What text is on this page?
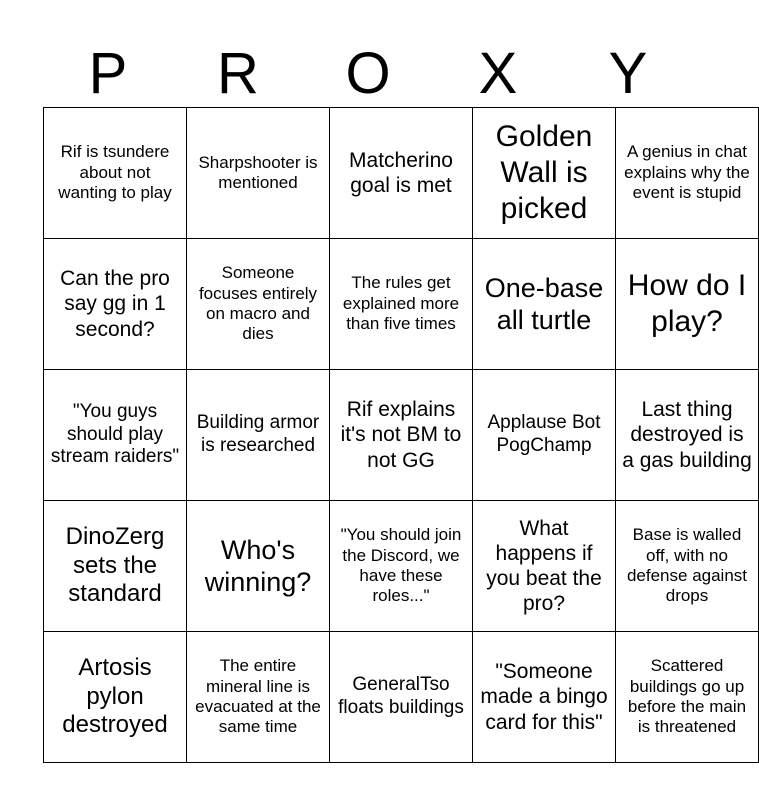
P	R	O	X	Y
Rif is tsundere about not wanting to play	Sharpshooter is mentioned	Matcherino goal is met	Golden Wall is picked	A genius in chat explains why the event is stupid
Can the pro say gg in 1 second?	Someone focuses entirely on macro and dies	The rules get explained more than five times	One-base all turtle	How do I play?
"You guys should play stream raiders"	Building armor is researched	Rif explains it's not BM to not GG	Applause Bot PogChamp	Last thing destroyed is a gas building
DinoZerg sets the standard	Who's winning?	"You should join the Discord, we have these roles..."	What happens if you beat the pro?	Base is walled off, with no defense against drops
Artosis pylon destroyed	The entire mineral line is evacuated at the same time	GeneralTso floats buildings	"Someone made a bingo card for this"	Scattered buildings go up before the main is threatened
